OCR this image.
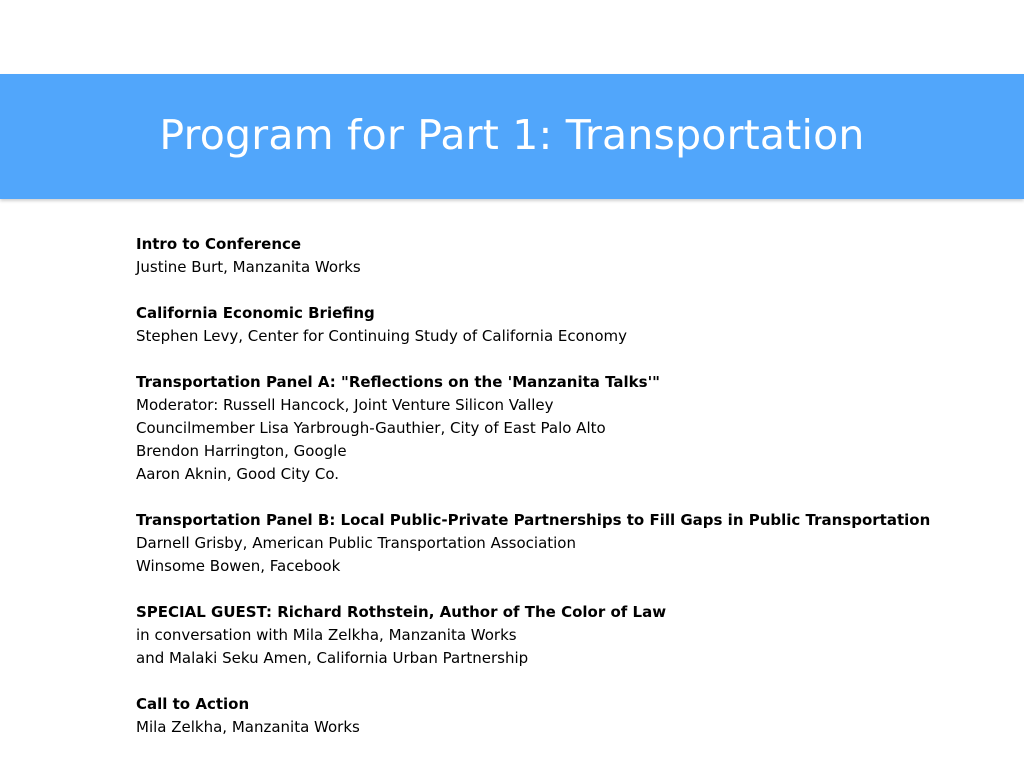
Program for Part 1: Transportation
Intro to Conference
Justine Burt, Manzanita Works
California Economic Briefing
Stephen Levy, Center for Continuing Study of California Economy
Transportation Panel A: "Reflections on the 'Manzanita Talks'"
Moderator: Russell Hancock, Joint Venture Silicon Valley
Councilmember Lisa Yarbrough-Gauthier, City of East Palo Alto
Brendon Harrington, Google
Aaron Aknin, Good City Co.
Transportation Panel B: Local Public-Private Partnerships to Fill Gaps in Public Transportation
Darnell Grisby, American Public Transportation Association
Winsome Bowen, Facebook
SPECIAL GUEST: Richard Rothstein, Author of The Color of Law
in conversation with Mila Zelkha, Manzanita Works
and Malaki Seku Amen, California Urban Partnership
Call to Action
Mila Zelkha, Manzanita Works
